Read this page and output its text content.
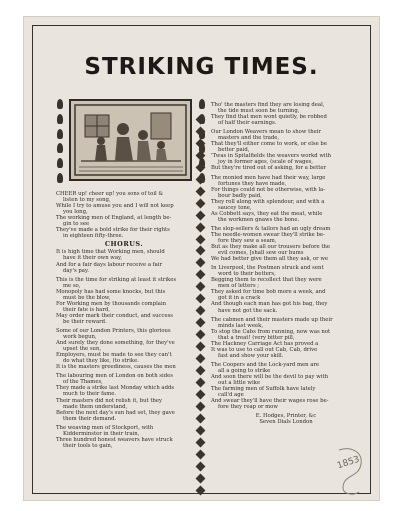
STRIKING TIMES.

CHEER up! cheer up! you sons of toil &

listen to my song,

While I try to amuse you and I will not keep

you long,

The working men of England, at length be-

gin to see

They've made a bold strike for their rights

in eighteen fifty-three.

CHORUS.

It is high time that Working men, should

have it their own way,

And for a fair days labour receive a fair

day's pay.

This is the time for striking at least it strikes

me so,

Monopoly has had some knocks, but this

must be the blow,

For Working men by thousands complain

their fate is hard,

May order mark their conduct, and success

be their reward.

Some of our London Printers, this glorious

work begun,

And surely they done something, for they've

upset the sun,

Employers, must be made to see they can't

do what they like, (to strike.

It is the masters greediness, causes the men

The labouring men of London on both sides

of the Thames,

They made a strike last Monday which adds

much to their fame.

Their masters did not relish it, but they

made them understand,

Before the next day's sun had set, they gave

them their demand.

The weaving men of Stockport, with

Kidderminster in their train,

Three hundred honest weavers have struck

their tools to gain,

Tho' the masters find they are losing deal,

the tide must soon be turning,

They find that men wont quietly, be robbed

of half their earnings.

Our London Weavers mean to show their

masters and the trade,

That they'll either come to work, or else be

better paid,

'Twas in Spitalfields the weavers workd with

joy in former ages, (scale of wages,

But they're tired out of asking, for a better

The monied men have had their way, large

fortunes they have made,

For things could not be otherwise, with la-

bour badly paid,

They roll along with splendour, and with a

saucey tone,

As Cobbett says, they eat the meat, while

the workmen gnaws the bone.

The slop-sellers & tailors had an ugly dream

The needle-women swear they'll strike be-

fore they sew a seam,

But as they make all our trousers before the

evil comes, [shall sew our bums

We had better give them all they ask, or we

In Liverpool, the Postmen struck and sent

word to their betters,

Begging them to recollect that they were

men of letters ;

They asked for time bob more a week, and

got it in a crack

And though each man has got his bag, they

have not got the sack.

The cabmen and their masters made up their

minds last week,

To stop the Cabs from running, now was not

that a treat! (very bitter pill,

The Hackney Carriage Act has proved a

It was to use to call out Cab, Cab, drive

fast and show your skill.

The Coopers and the Lock-yard men are

all a going to strike

And soon there will be the devil to pay with

out a little wike

The farming men of Suffolk have lately

call'd age

And swear they'll have their wages rose be-

fore they reap or mow

E. Hodges, Printer, &c

Seven Dials London

1853
